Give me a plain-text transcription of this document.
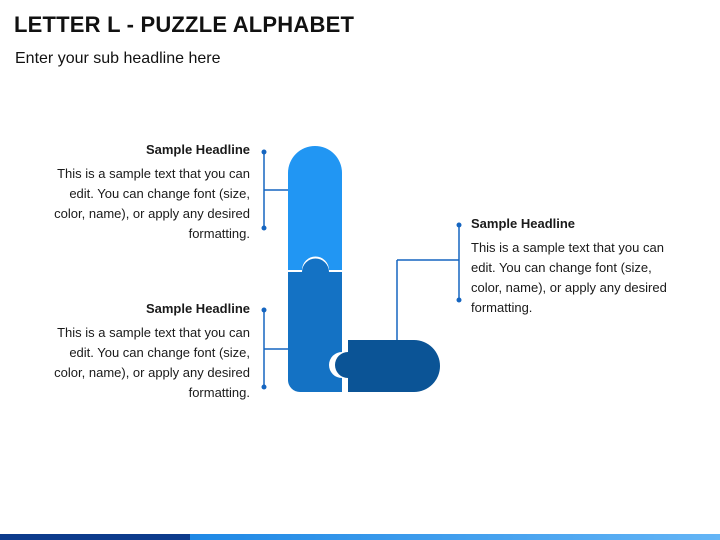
LETTER L - PUZZLE ALPHABET
Enter your sub headline here
Sample Headline
This is a sample text that you can edit. You can change font (size, color, name), or apply any desired formatting.
Sample Headline
This is a sample text that you can edit. You can change font (size, color, name), or apply any desired formatting.
Sample Headline
This is a sample text that you can edit. You can change font (size, color, name), or apply any desired formatting.
